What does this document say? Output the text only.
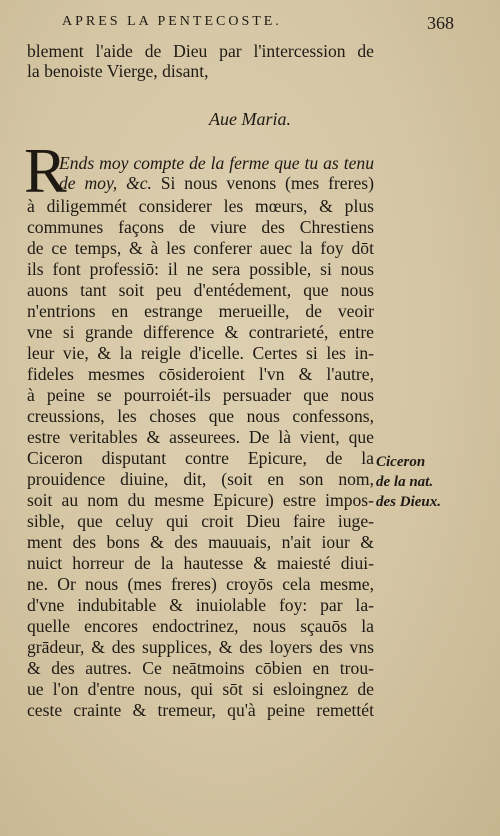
APRES LA PENTECOSTE.	368
blement l'aide de Dieu par l'intercession de
la benoiste Vierge, disant,
Aue Maria.
R
Ends moy compte de la ferme que tu as tenu
de moy, &c. Si nous venons (mes freres)
à diligemmét considerer les mœurs, & plus
communes façons de viure des Chrestiens
de ce temps, & à les conferer auec la foy dōt
ils font professiō: il ne sera possible, si nous
auons tant soit peu d'entédement, que nous
n'entrions en estrange merueille, de veoir
vne si grande difference & contrarieté, entre
leur vie, & la reigle d'icelle. Certes si les in-
fideles mesmes cōsideroient l'vn & l'autre,
à peine se pourroiét-ils persuader que nous
creussions, les choses que nous confessons,
estre veritables & asseurees. De là vient, que
Ciceron disputant contre Epicure, de la
prouidence diuine, dit, (soit en son nom,
soit au nom du mesme Epicure) estre impos-
sible, que celuy qui croit Dieu faire iuge-
ment des bons & des mauuais, n'ait iour &
nuict horreur de la hautesse & maiesté diui-
ne. Or nous (mes freres) croyōs cela mesme,
d'vne indubitable & inuiolable foy: par la-
quelle encores endoctrinez, nous sçauōs la
grādeur, & des supplices, & des loyers des vns
& des autres. Ce neātmoins cōbien en trou-
ue l'on d'entre nous, qui sōt si esloingnez de
ceste crainte & tremeur, qu'à peine remettét
Ciceron
de la nat.
des Dieux.
